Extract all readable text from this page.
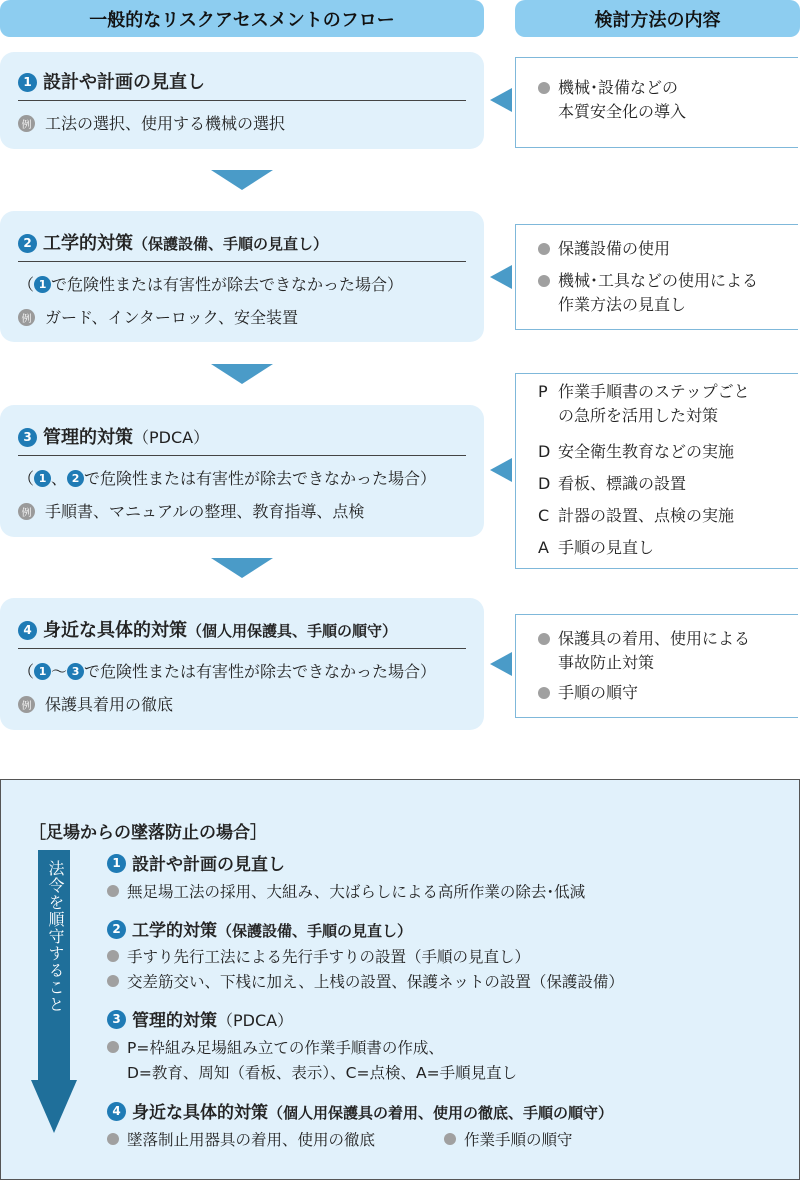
一般的なリスクアセスメントのフロー	検討方法の内容
1 設計や計画の見直し
例 工法の選択、使用する機械の選択
機械･設備などの
本質安全化の導入
2 工学的対策 （保護設備、手順の見直し）
（ 1 で危険性または有害性が除去できなかった場合）
例 ガード、インターロック、安全装置
保護設備の使用
機械･工具などの使用による
作業方法の見直し
3 管理的対策 （PDCA）
（ 1 、 2 で危険性または有害性が除去できなかった場合）
例 手順書、マニュアルの整理、教育指導、点検
P 作業手順書のステップごと
の急所を活用した対策
D 安全衛生教育などの実施
D 看板、標識の設置
C 計器の設置、点検の実施
A 手順の見直し
4 身近な具体的対策 （個人用保護具、手順の順守）
（ 1 ～ 3 で危険性または有害性が除去できなかった場合）
例 保護具着用の徹底
保護具の着用、使用による
事故防止対策
手順の順守
［足場からの墜落防止の場合］
法令を順守すること	1 設計や計画の見直し
無足場工法の採用、大組み、大ばらしによる高所作業の除去･低減
2 工学的対策（保護設備、手順の見直し）
手すり先行工法による先行手すりの設置（手順の見直し）
交差筋交い、下桟に加え、上桟の設置、保護ネットの設置（保護設備）
3 管理的対策（PDCA）
P=枠組み足場組み立ての作業手順書の作成、
D=教育、周知（看板、表示）、C=点検、A=手順見直し
4 身近な具体的対策（個人用保護具の着用、使用の徹底、手順の順守）
墜落制止用器具の着用、使用の徹底	作業手順の順守
